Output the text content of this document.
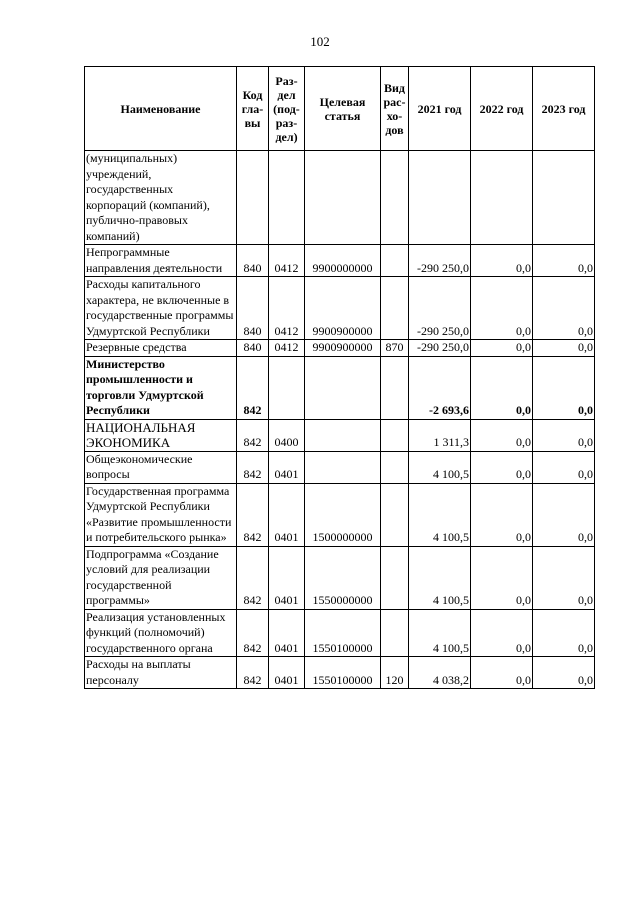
102
Наименование	Код гла- вы	Раз- дел (под- раз- дел)	Целевая статья	Вид рас- хо- дов	2021 год	2022 год	2023 год
(муниципальных) учреждений, государственных корпораций (компаний), публично-правовых компаний)							
Непрограммные направления деятельности	840	0412	9900000000		-290 250,0	0,0	0,0
Расходы капитального характера, не включенные в государственные программы Удмуртской Республики	840	0412	9900900000		-290 250,0	0,0	0,0
Резервные средства	840	0412	9900900000	870	-290 250,0	0,0	0,0
Министерство промышленности и торговли Удмуртской Республики	842				-2 693,6	0,0	0,0
НАЦИОНАЛЬНАЯ ЭКОНОМИКА	842	0400			1 311,3	0,0	0,0
Общеэкономические вопросы	842	0401			4 100,5	0,0	0,0
Государственная программа Удмуртской Республики «Развитие промышленности и потребительского рынка»	842	0401	1500000000		4 100,5	0,0	0,0
Подпрограмма «Создание условий для реализации государственной программы»	842	0401	1550000000		4 100,5	0,0	0,0
Реализация установленных функций (полномочий) государственного органа	842	0401	1550100000		4 100,5	0,0	0,0
Расходы на выплаты персоналу	842	0401	1550100000	120	4 038,2	0,0	0,0
